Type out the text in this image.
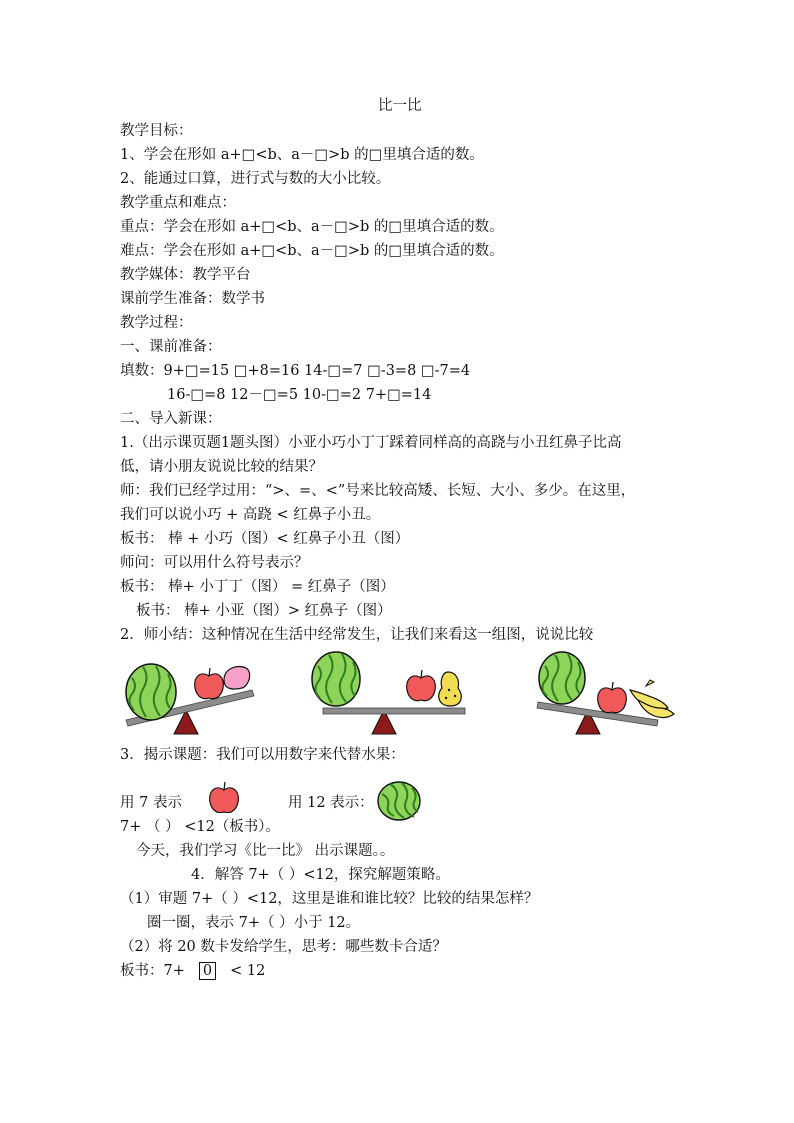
比一比
教学目标：
1、学会在形如 a+□<b、a－□>b 的□里填合适的数。
2、能通过口算，进行式与数的大小比较。
教学重点和难点：
重点：学会在形如 a+□<b、a－□>b 的□里填合适的数。
难点：学会在形如 a+□<b、a－□>b 的□里填合适的数。
教学媒体：教学平台
课前学生准备：数学书
教学过程：
一、课前准备：
填数：9+□=15 □+8=16 14-□=7 □-3=8 □-7=4
16-□=8 12－□=5 10-□=2 7+□=14
二、导入新课：
1.（出示课页题1题头图）小亚小巧小丁丁踩着同样高的高跷与小丑红鼻子比高
低，请小朋友说说比较的结果？
师：我们已经学过用：“>、=、<”号来比较高矮、长短、大小、多少。在这里，
我们可以说小巧 + 高跷 < 红鼻子小丑。
板书： 棒 + 小巧（图）< 红鼻子小丑（图）
师问：可以用什么符号表示？
板书： 棒+ 小丁丁（图） = 红鼻子（图）
板书： 棒+ 小亚（图）> 红鼻子（图）
2．师小结：这种情况在生活中经常发生，让我们来看这一组图，说说比较
3．揭示课题：我们可以用数字来代替水果：
用 7 表示	用 12 表示：
7+ （ ） <12（板书）。
今天，我们学习《比一比》 出示课题。。
4．解答 7+（ ）<12，探究解题策略。
（1）审题 7+（ ）<12，这里是谁和谁比较？比较的结果怎样？
圈一圈，表示 7+（ ）小于 12。
（2）将 20 数卡发给学生，思考：哪些数卡合适？
板书：7+ 0 < 12
